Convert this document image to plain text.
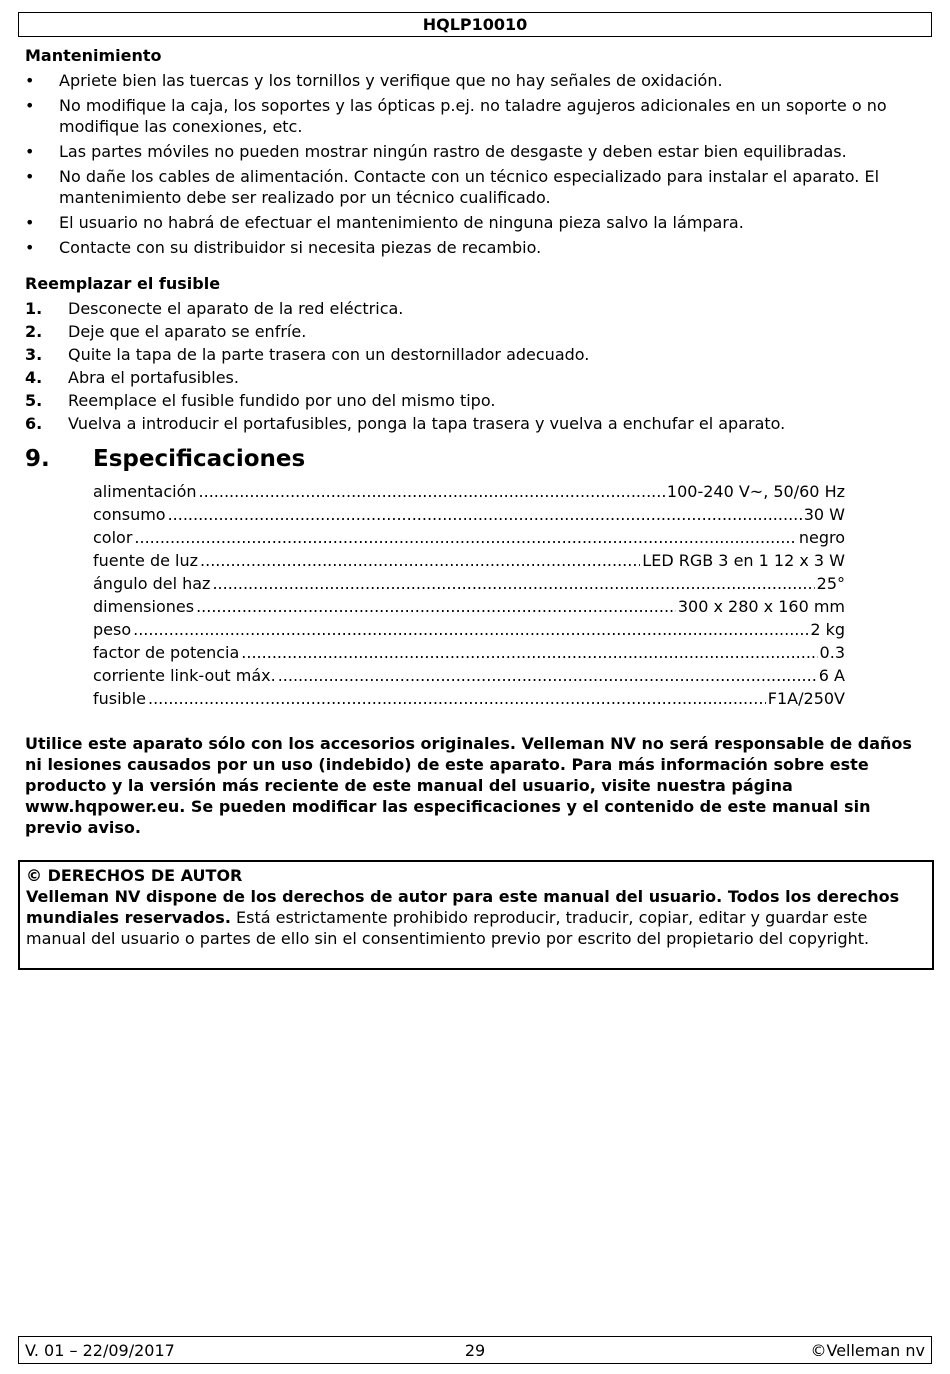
HQLP10010
Mantenimiento
• Apriete bien las tuercas y los tornillos y verifique que no hay señales de oxidación.
• No modifique la caja, los soportes y las ópticas p.ej. no taladre agujeros adicionales en un soporte o no modifique las conexiones, etc.
• Las partes móviles no pueden mostrar ningún rastro de desgaste y deben estar bien equilibradas.
• No dañe los cables de alimentación. Contacte con un técnico especializado para instalar el aparato. El mantenimiento debe ser realizado por un técnico cualificado.
• El usuario no habrá de efectuar el mantenimiento de ninguna pieza salvo la lámpara.
• Contacte con su distribuidor si necesita piezas de recambio.
Reemplazar el fusible
1. Desconecte el aparato de la red eléctrica.
2. Deje que el aparato se enfríe.
3. Quite la tapa de la parte trasera con un destornillador adecuado.
4. Abra el portafusibles.
5. Reemplace el fusible fundido por uno del mismo tipo.
6. Vuelva a introducir el portafusibles, ponga la tapa trasera y vuelva a enchufar el aparato.
9. Especificaciones
alimentación .....	100-240 V~, 50/60 Hz
consumo .....	30 W
color .....	negro
fuente de luz .....	LED RGB 3 en 1 12 x 3 W
ángulo del haz .....	25°
dimensiones .....	300 x 280 x 160 mm
peso .....	2 kg
factor de potencia .....	0.3
corriente link-out máx. .....	6 A
fusible .....	F1A/250V
Utilice este aparato sólo con los accesorios originales. Velleman NV no será responsable de daños ni lesiones causados por un uso (indebido) de este aparato. Para más información sobre este producto y la versión más reciente de este manual del usuario, visite nuestra página www.hqpower.eu. Se pueden modificar las especificaciones y el contenido de este manual sin previo aviso.
© DERECHOS DE AUTOR
Velleman NV dispone de los derechos de autor para este manual del usuario. Todos los derechos mundiales reservados. Está estrictamente prohibido reproducir, traducir, copiar, editar y guardar este manual del usuario o partes de ello sin el consentimiento previo por escrito del propietario del copyright.
V. 01 – 22/09/2017	29	©Velleman nv
